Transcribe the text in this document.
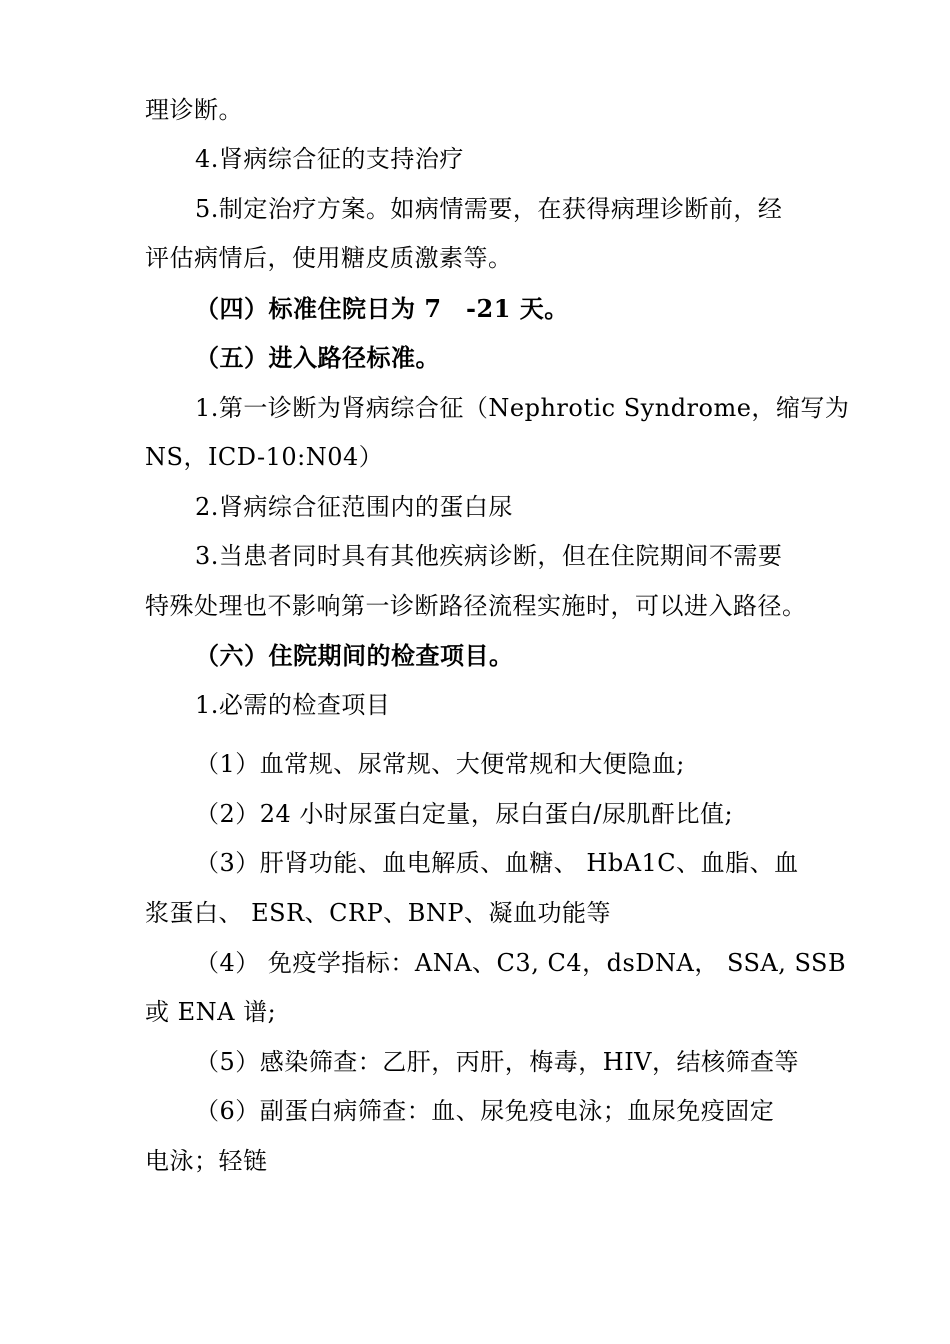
理诊断。
4.肾病综合征的支持治疗
5.制定治疗方案。如病情需要，在获得病理诊断前，经
评估病情后，使用糖皮质激素等。
（四）标准住院日为 7　-21 天。
（五）进入路径标准。
1.第一诊断为肾病综合征（Nephrotic Syndrome，缩写为
NS，ICD-10:N04）
2.肾病综合征范围内的蛋白尿
3.当患者同时具有其他疾病诊断，但在住院期间不需要
特殊处理也不影响第一诊断路径流程实施时，可以进入路径。
（六）住院期间的检查项目。
1.必需的检查项目
（1）血常规、尿常规、大便常规和大便隐血;
（2）24 小时尿蛋白定量，尿白蛋白/尿肌酐比值;
（3）肝肾功能、血电解质、血糖、 HbA1C、血脂、血
浆蛋白、 ESR、CRP、BNP、凝血功能等
（4） 免疫学指标：ANA、C3, C4，dsDNA， SSA, SSB
或 ENA 谱;
（5）感染筛查：乙肝，丙肝，梅毒，HIV，结核筛查等
（6）副蛋白病筛查：血、尿免疫电泳；血尿免疫固定
电泳；轻链
